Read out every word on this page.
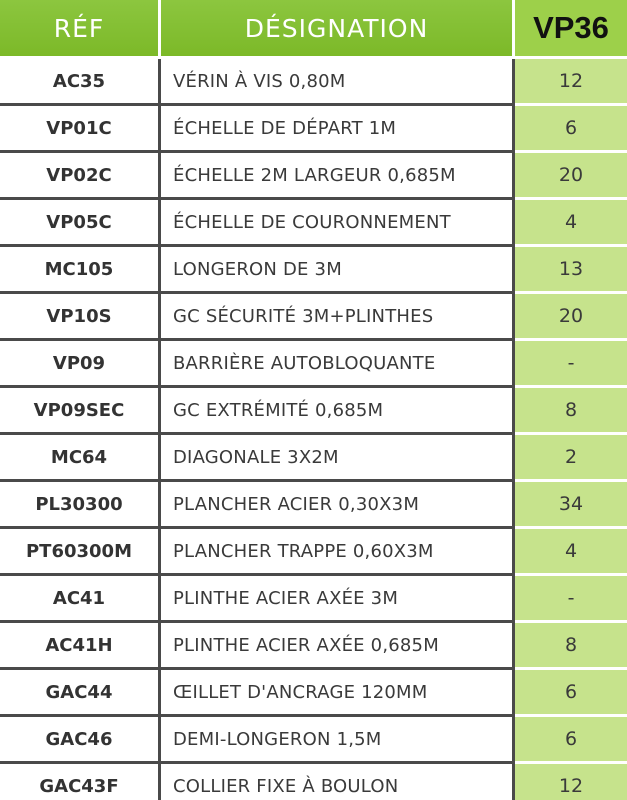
RÉF	DÉSIGNATION	VP36
AC35	VÉRIN À VIS 0,80M	12
VP01C	ÉCHELLE DE DÉPART 1M	6
VP02C	ÉCHELLE 2M LARGEUR 0,685M	20
VP05C	ÉCHELLE DE COURONNEMENT	4
MC105	LONGERON DE 3M	13
VP10S	GC SÉCURITÉ 3M+PLINTHES	20
VP09	BARRIÈRE AUTOBLOQUANTE	-
VP09SEC	GC EXTRÉMITÉ 0,685M	8
MC64	DIAGONALE 3X2M	2
PL30300	PLANCHER ACIER 0,30X3M	34
PT60300M	PLANCHER TRAPPE 0,60X3M	4
AC41	PLINTHE ACIER AXÉE 3M	-
AC41H	PLINTHE ACIER AXÉE 0,685M	8
GAC44	ŒILLET D'ANCRAGE 120MM	6
GAC46	DEMI-LONGERON 1,5M	6
GAC43F	COLLIER FIXE À BOULON	12
